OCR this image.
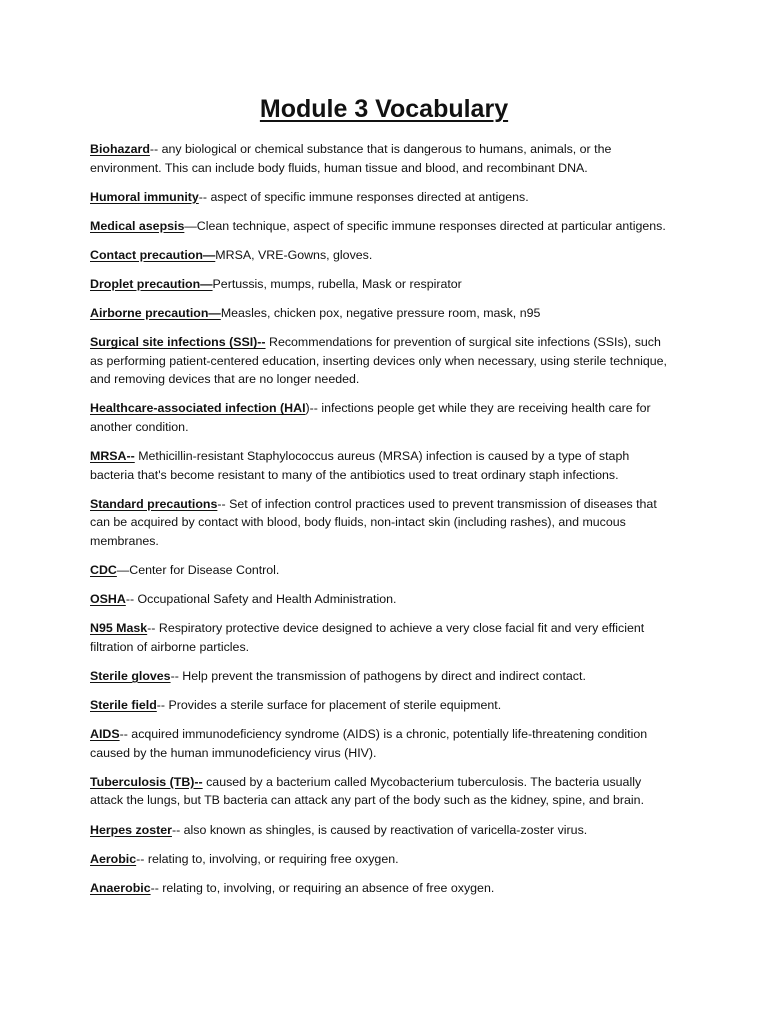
Module 3 Vocabulary

Biohazard-- any biological or chemical substance that is dangerous to humans, animals, or the environment. This can include body fluids, human tissue and blood, and recombinant DNA.

Humoral immunity-- aspect of specific immune responses directed at antigens.

Medical asepsis—Clean technique, aspect of specific immune responses directed at particular antigens.

Contact precaution—MRSA, VRE-Gowns, gloves.

Droplet precaution—Pertussis, mumps, rubella, Mask or respirator

Airborne precaution—Measles, chicken pox, negative pressure room, mask, n95

Surgical site infections (SSI)-- Recommendations for prevention of surgical site infections (SSIs), such as performing patient-centered education, inserting devices only when necessary, using sterile technique, and removing devices that are no longer needed.

Healthcare-associated infection (HAI)-- infections people get while they are receiving health care for another condition.

MRSA-- Methicillin-resistant Staphylococcus aureus (MRSA) infection is caused by a type of staph bacteria that's become resistant to many of the antibiotics used to treat ordinary staph infections.

Standard precautions-- Set of infection control practices used to prevent transmission of diseases that can be acquired by contact with blood, body fluids, non-intact skin (including rashes), and mucous membranes.

CDC—Center for Disease Control.

OSHA-- Occupational Safety and Health Administration.

N95 Mask-- Respiratory protective device designed to achieve a very close facial fit and very efficient filtration of airborne particles.

Sterile gloves-- Help prevent the transmission of pathogens by direct and indirect contact.

Sterile field-- Provides a sterile surface for placement of sterile equipment.

AIDS-- acquired immunodeficiency syndrome (AIDS) is a chronic, potentially life-threatening condition caused by the human immunodeficiency virus (HIV).

Tuberculosis (TB)-- caused by a bacterium called Mycobacterium tuberculosis. The bacteria usually attack the lungs, but TB bacteria can attack any part of the body such as the kidney, spine, and brain.

Herpes zoster-- also known as shingles, is caused by reactivation of varicella-zoster virus.

Aerobic-- relating to, involving, or requiring free oxygen.

Anaerobic-- relating to, involving, or requiring an absence of free oxygen.
